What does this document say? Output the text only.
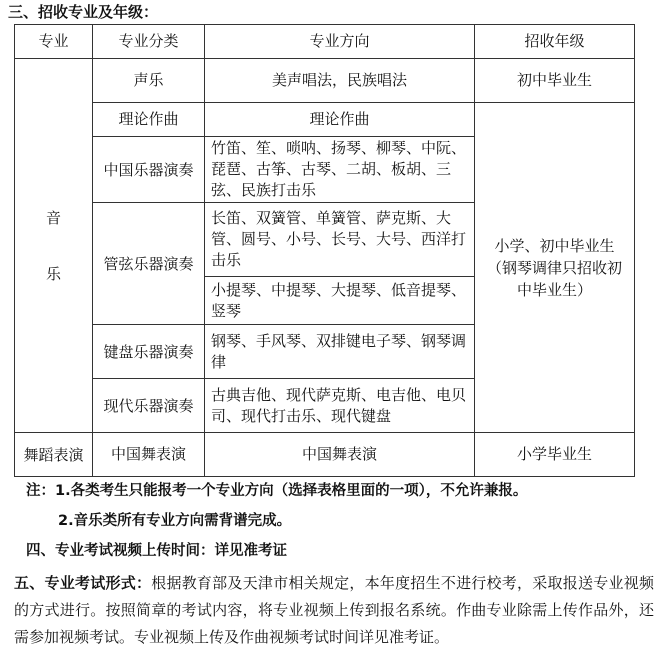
三、招收专业及年级：
专业	专业分类	专业方向	招收年级
音
乐	声乐	美声唱法，民族唱法	初中毕业生
	理论作曲	理论作曲	小学、初中毕业生（钢琴调律只招收初中毕业生）
	中国乐器演奏	竹笛、笙、唢呐、扬琴、柳琴、中阮、琵琶、古筝、古琴、二胡、板胡、三弦、民族打击乐	
	管弦乐器演奏	长笛、双簧管、单簧管、萨克斯、大管、圆号、小号、长号、大号、西洋打击乐	
		小提琴、中提琴、大提琴、低音提琴、竖琴	
	键盘乐器演奏	钢琴、手风琴、双排键电子琴、钢琴调律	
	现代乐器演奏	古典吉他、现代萨克斯、电吉他、电贝司、现代打击乐、现代键盘	
舞蹈表演	中国舞表演	中国舞表演	小学毕业生
注：1.各类考生只能报考一个专业方向（选择表格里面的一项），不允许兼报。
2.音乐类所有专业方向需背谱完成。
四、专业考试视频上传时间：详见准考证
五、专业考试形式：根据教育部及天津市相关规定，本年度招生不进行校考，采取报送专业视频的方式进行。按照简章的考试内容，将专业视频上传到报名系统。作曲专业除需上传作品外，还需参加视频考试。专业视频上传及作曲视频考试时间详见准考证。
